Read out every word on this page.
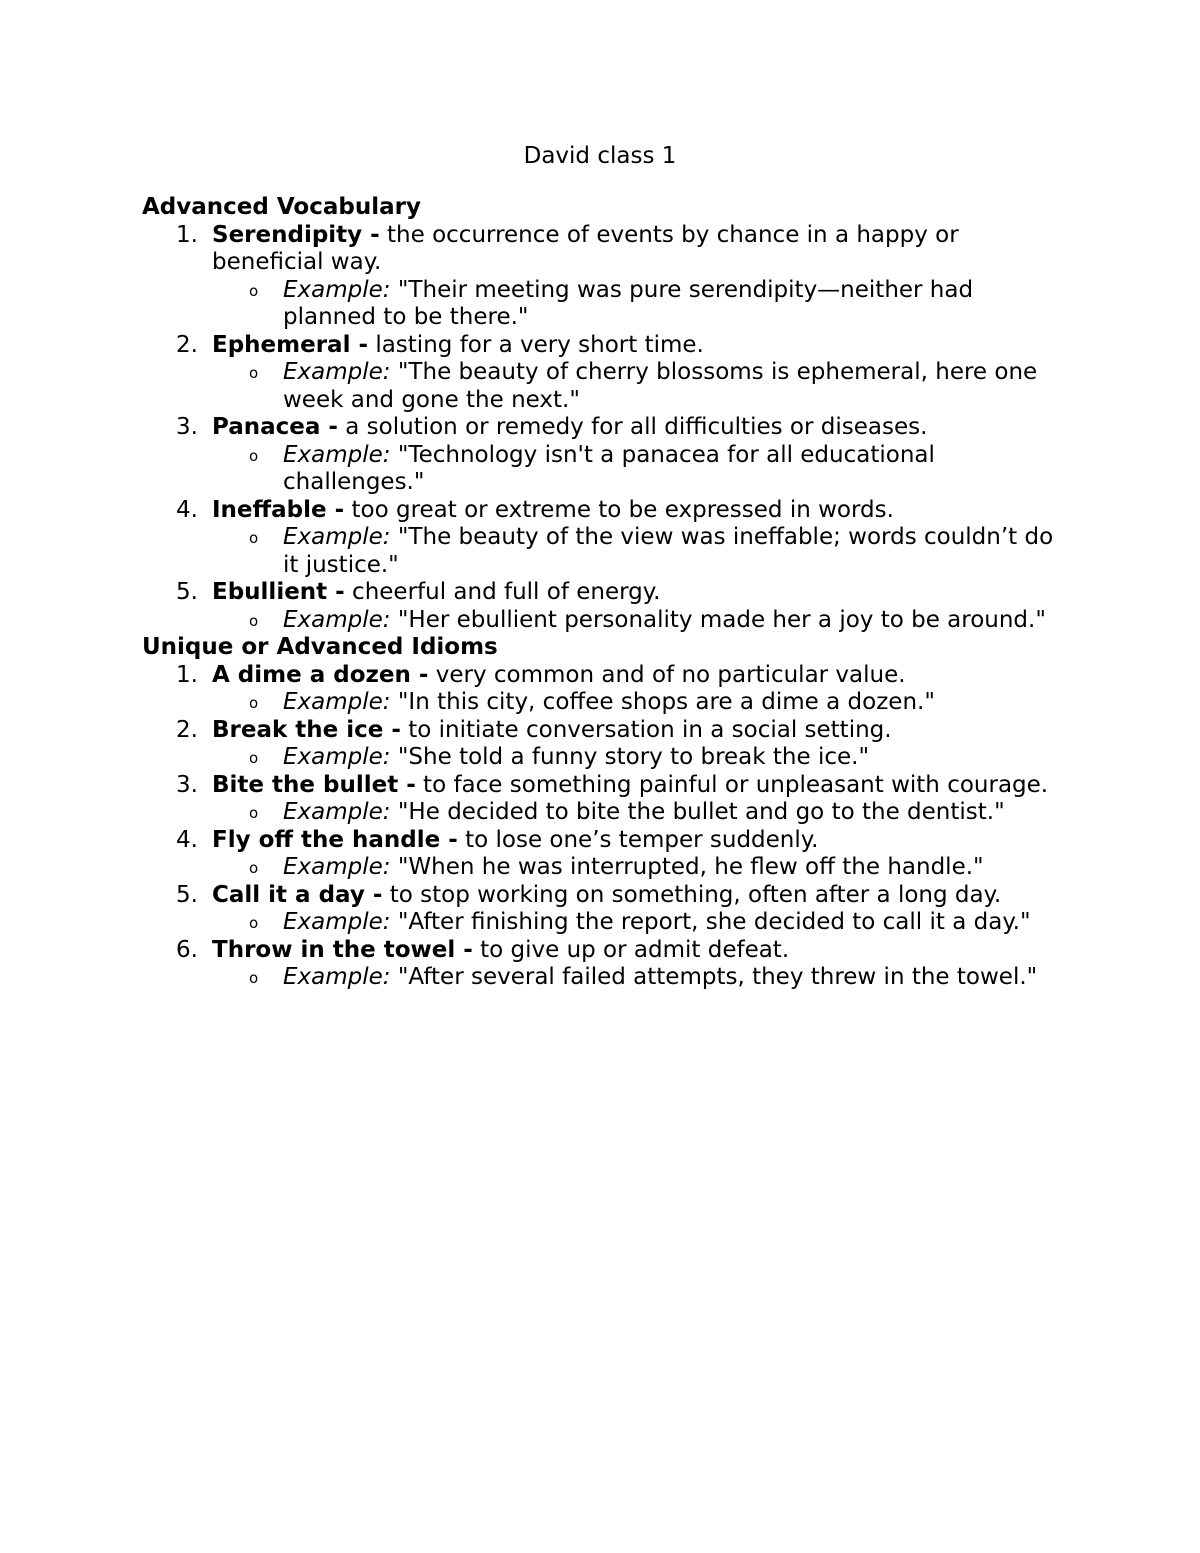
David class 1
Advanced Vocabulary
1. Serendipity - the occurrence of events by chance in a happy or beneficial way.
o Example: "Their meeting was pure serendipity—neither had planned to be there."
2. Ephemeral - lasting for a very short time.
o Example: "The beauty of cherry blossoms is ephemeral, here one week and gone the next."
3. Panacea - a solution or remedy for all difficulties or diseases.
o Example: "Technology isn't a panacea for all educational challenges."
4. Ineffable - too great or extreme to be expressed in words.
o Example: "The beauty of the view was ineffable; words couldn’t do it justice."
5. Ebullient - cheerful and full of energy.
o Example: "Her ebullient personality made her a joy to be around."
Unique or Advanced Idioms
1. A dime a dozen - very common and of no particular value.
o Example: "In this city, coffee shops are a dime a dozen."
2. Break the ice - to initiate conversation in a social setting.
o Example: "She told a funny story to break the ice."
3. Bite the bullet - to face something painful or unpleasant with courage.
o Example: "He decided to bite the bullet and go to the dentist."
4. Fly off the handle - to lose one’s temper suddenly.
o Example: "When he was interrupted, he flew off the handle."
5. Call it a day - to stop working on something, often after a long day.
o Example: "After finishing the report, she decided to call it a day."
6. Throw in the towel - to give up or admit defeat.
o Example: "After several failed attempts, they threw in the towel."
